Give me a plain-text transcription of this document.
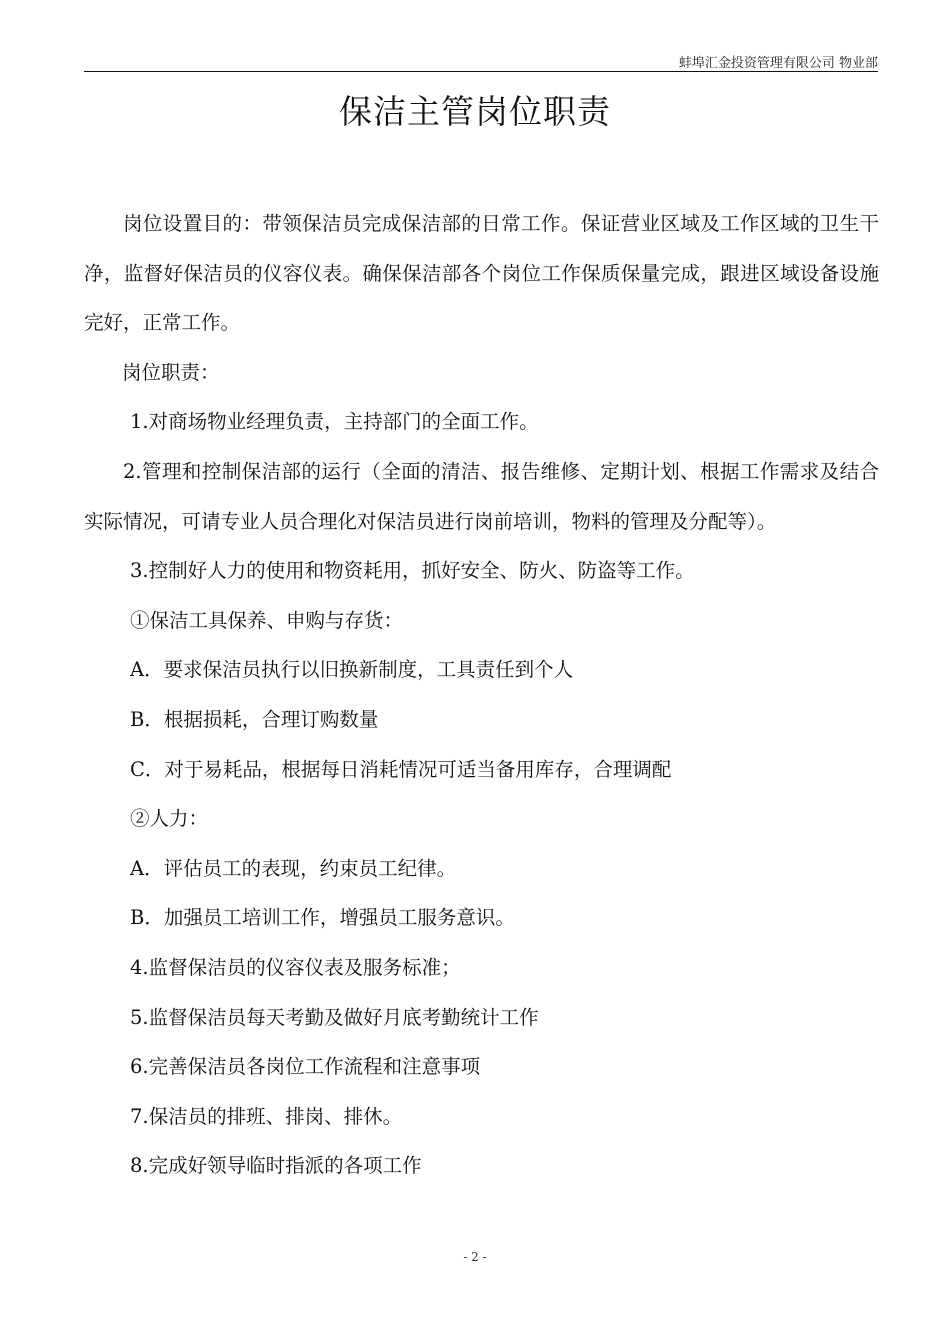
蚌埠汇金投资管理有限公司 物业部
保洁主管岗位职责

岗位设置目的：带领保洁员完成保洁部的日常工作。保证营业区域及工作区域的卫生干净，监督好保洁员的仪容仪表。确保保洁部各个岗位工作保质保量完成，跟进区域设备设施完好，正常工作。

岗位职责：

1.对商场物业经理负责，主持部门的全面工作。

2.管理和控制保洁部的运行（全面的清洁、报告维修、定期计划、根据工作需求及结合实际情况，可请专业人员合理化对保洁员进行岗前培训，物料的管理及分配等）。

3.控制好人力的使用和物资耗用，抓好安全、防火、防盗等工作。

①保洁工具保养、申购与存货：

A．要求保洁员执行以旧换新制度，工具责任到个人

B．根据损耗，合理订购数量

C．对于易耗品，根据每日消耗情况可适当备用库存，合理调配

②人力：

A．评估员工的表现，约束员工纪律。

B．加强员工培训工作，增强员工服务意识。

4.监督保洁员的仪容仪表及服务标准；

5.监督保洁员每天考勤及做好月底考勤统计工作

6.完善保洁员各岗位工作流程和注意事项

7.保洁员的排班、排岗、排休。

8.完成好领导临时指派的各项工作

- 2 -
